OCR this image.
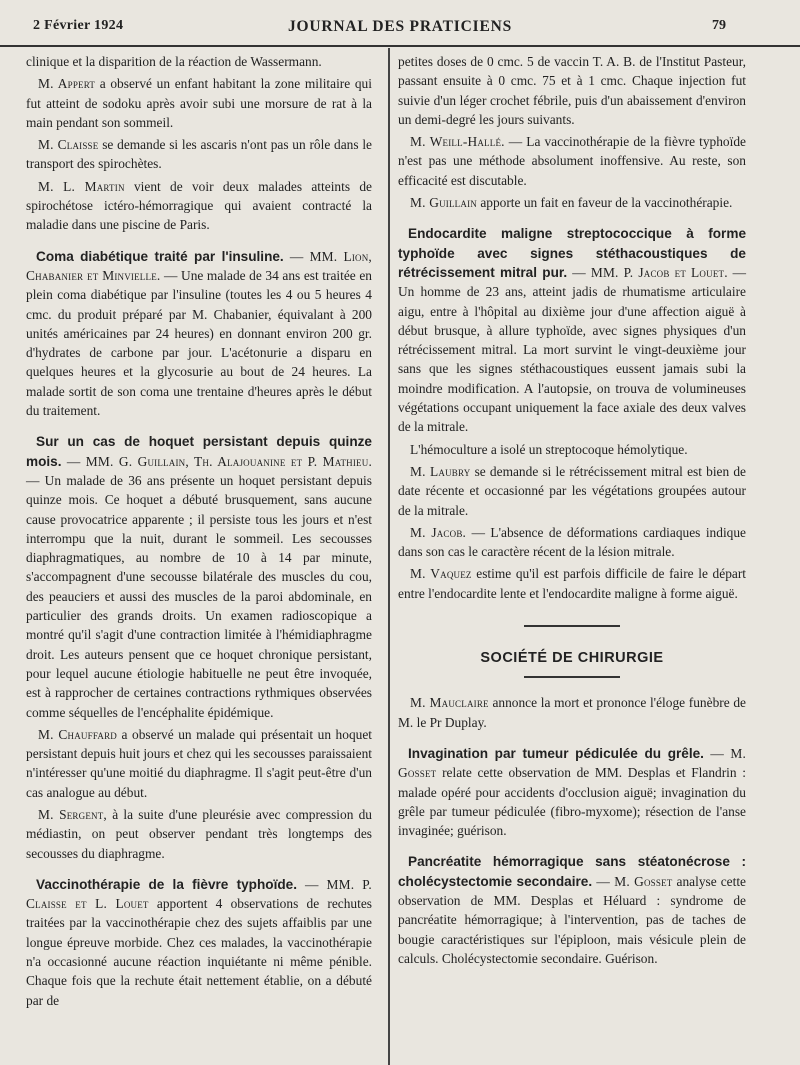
2 Février 1924	JOURNAL DES PRATICIENS	79

clinique et la disparition de la réaction de Wassermann.

M. Appert a observé un enfant habitant la zone militaire qui fut atteint de sodoku après avoir subi une morsure de rat à la main pendant son sommeil.

M. Claisse se demande si les ascaris n'ont pas un rôle dans le transport des spirochètes.

M. L. Martin vient de voir deux malades atteints de spirochétose ictéro-hémorragique qui avaient contracté la maladie dans une piscine de Paris.

Coma diabétique traité par l'insuline. — MM. Lion, Chabanier et Minvielle. — Une malade de 34 ans est traitée en plein coma diabétique par l'insuline (toutes les 4 ou 5 heures 4 cmc. du produit préparé par M. Chabanier, équivalant à 200 unités américaines par 24 heures) en donnant environ 200 gr. d'hydrates de carbone par jour. L'acétonurie a disparu en quelques heures et la glycosurie au bout de 24 heures. La malade sortit de son coma une trentaine d'heures après le début du traitement.

Sur un cas de hoquet persistant depuis quinze mois. — MM. G. Guillain, Th. Alajouanine et P. Mathieu. — Un malade de 36 ans présente un hoquet persistant depuis quinze mois. Ce hoquet a débuté brusquement, sans aucune cause provocatrice apparente ; il persiste tous les jours et n'est interrompu que la nuit, durant le sommeil. Les secousses diaphragmatiques, au nombre de 10 à 14 par minute, s'accompagnent d'une secousse bilatérale des muscles du cou, des peauciers et aussi des muscles de la paroi abdominale, en particulier des grands droits. Un examen radioscopique a montré qu'il s'agit d'une contraction limitée à l'hémidiaphragme droit. Les auteurs pensent que ce hoquet chronique persistant, pour lequel aucune étiologie habituelle ne peut être invoquée, est à rapprocher de certaines contractions rythmiques observées comme séquelles de l'encéphalite épidémique.

M. Chauffard a observé un malade qui présentait un hoquet persistant depuis huit jours et chez qui les secousses paraissaient n'intéresser qu'une moitié du diaphragme. Il s'agit peut-être d'un cas analogue au début.

M. Sergent, à la suite d'une pleurésie avec compression du médiastin, on peut observer pendant très longtemps des secousses du diaphragme.

Vaccinothérapie de la fièvre typhoïde. — MM. P. Claisse et L. Louet apportent 4 observations de rechutes traitées par la vaccinothérapie chez des sujets affaiblis par une longue épreuve morbide. Chez ces malades, la vaccinothérapie n'a occasionné aucune réaction inquiétante ni même pénible. Chaque fois que la rechute était nettement établie, on a débuté par de

petites doses de 0 cmc. 5 de vaccin T. A. B. de l'Institut Pasteur, passant ensuite à 0 cmc. 75 et à 1 cmc. Chaque injection fut suivie d'un léger crochet fébrile, puis d'un abaissement d'environ un demi-degré les jours suivants.

M. Weill-Hallé. — La vaccinothérapie de la fièvre typhoïde n'est pas une méthode absolument inoffensive. Au reste, son efficacité est discutable.

M. Guillain apporte un fait en faveur de la vaccinothérapie.

Endocardite maligne streptococcique à forme typhoïde avec signes stéthacoustiques de rétrécissement mitral pur. — MM. P. Jacob et Louet. — Un homme de 23 ans, atteint jadis de rhumatisme articulaire aigu, entre à l'hôpital au dixième jour d'une affection aiguë à début brusque, à allure typhoïde, avec signes physiques d'un rétrécissement mitral. La mort survint le vingt-deuxième jour sans que les signes stéthacoustiques eussent jamais subi la moindre modification. A l'autopsie, on trouva de volumineuses végétations occupant uniquement la face axiale des deux valves de la mitrale.

L'hémoculture a isolé un streptocoque hémolytique.

M. Laubry se demande si le rétrécissement mitral est bien de date récente et occasionné par les végétations groupées autour de la mitrale.

M. Jacob. — L'absence de déformations cardiaques indique dans son cas le caractère récent de la lésion mitrale.

M. Vaquez estime qu'il est parfois difficile de faire le départ entre l'endocardite lente et l'endocardite maligne à forme aiguë.

SOCIÉTÉ DE CHIRURGIE

M. Mauclaire annonce la mort et prononce l'éloge funèbre de M. le Pr Duplay.

Invagination par tumeur pédiculée du grêle. — M. Gosset relate cette observation de MM. Desplas et Flandrin : malade opéré pour accidents d'occlusion aiguë; invagination du grêle par tumeur pédiculée (fibro-myxome); résection de l'anse invaginée; guérison.

Pancréatite hémorragique sans stéatonécrose : cholécystectomie secondaire. — M. Gosset analyse cette observation de MM. Desplas et Héluard : syndrome de pancréatite hémorragique; à l'intervention, pas de taches de bougie caractéristiques sur l'épiploon, mais vésicule plein de calculs. Cholécystectomie secondaire. Guérison.
